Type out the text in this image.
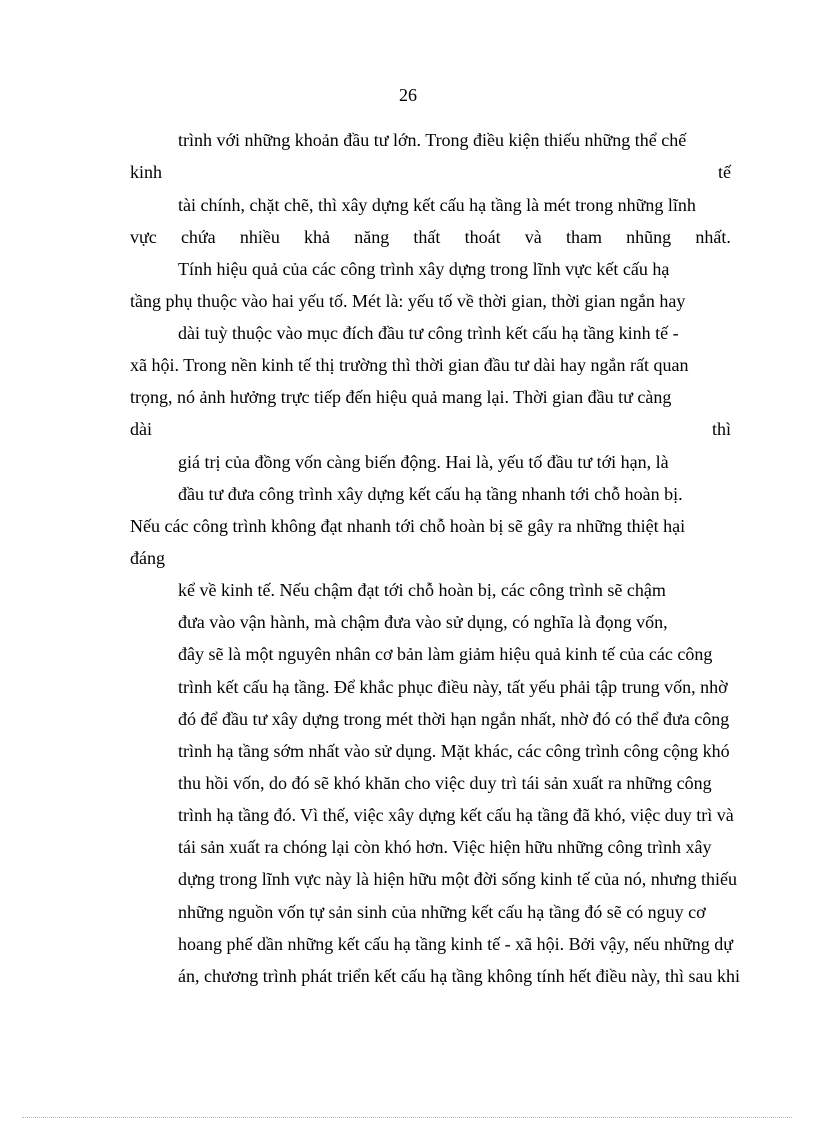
26
trình với những khoản đầu tư lớn. Trong điều kiện thiếu những thể chế
kinh	tế
tài chính, chặt chẽ, thì xây dựng kết cấu hạ tầng là mét trong những lĩnh
vực chứa nhiều khả năng thất thoát và tham nhũng nhất.
Tính hiệu quả của các công trình xây dựng trong lĩnh vực kết cấu hạ
tầng phụ thuộc vào hai yếu tố. Mét là: yếu tố về thời gian, thời gian ngắn hay
dài tuỳ thuộc vào mục đích đầu tư công trình kết cấu hạ tầng kinh tế -
xã hội. Trong nền kinh tế thị trường thì thời gian đầu tư dài hay ngắn rất quan
trọng, nó ảnh hưởng trực tiếp đến hiệu quả mang lại. Thời gian đầu tư càng
dài	thì
giá trị của đồng vốn càng biến động. Hai là, yếu tố đầu tư tới hạn, là
đầu tư đưa công trình xây dựng kết cấu hạ tầng nhanh tới chỗ hoàn bị.
Nếu các công trình không đạt nhanh tới chỗ hoàn bị sẽ gây ra những thiệt hại
đáng
kể về kinh tế. Nếu chậm đạt tới chỗ hoàn bị, các công trình sẽ chậm
đưa vào vận hành, mà chậm đưa vào sử dụng, có nghĩa là đọng vốn,
đây sẽ là một nguyên nhân cơ bản làm giảm hiệu quả kinh tế của các công
trình kết cấu hạ tầng. Để khắc phục điều này, tất yếu phải tập trung vốn, nhờ
đó để đầu tư xây dựng trong mét thời hạn ngắn nhất, nhờ đó có thể đưa công
trình hạ tầng sớm nhất vào sử dụng. Mặt khác, các công trình công cộng khó
thu hồi vốn, do đó sẽ khó khăn cho việc duy trì tái sản xuất ra những công
trình hạ tầng đó. Vì thế, việc xây dựng kết cấu hạ tầng đã khó, việc duy trì và
tái sản xuất ra chóng lại còn khó hơn. Việc hiện hữu những công trình xây
dựng trong lĩnh vực này là hiện hữu một đời sống kinh tế của nó, nhưng thiếu
những nguồn vốn tự sản sinh của những kết cấu hạ tầng đó sẽ có nguy cơ
hoang phế dần những kết cấu hạ tầng kinh tế - xã hội. Bởi vậy, nếu những dự
án, chương trình phát triển kết cấu hạ tầng không tính hết điều này, thì sau khi
